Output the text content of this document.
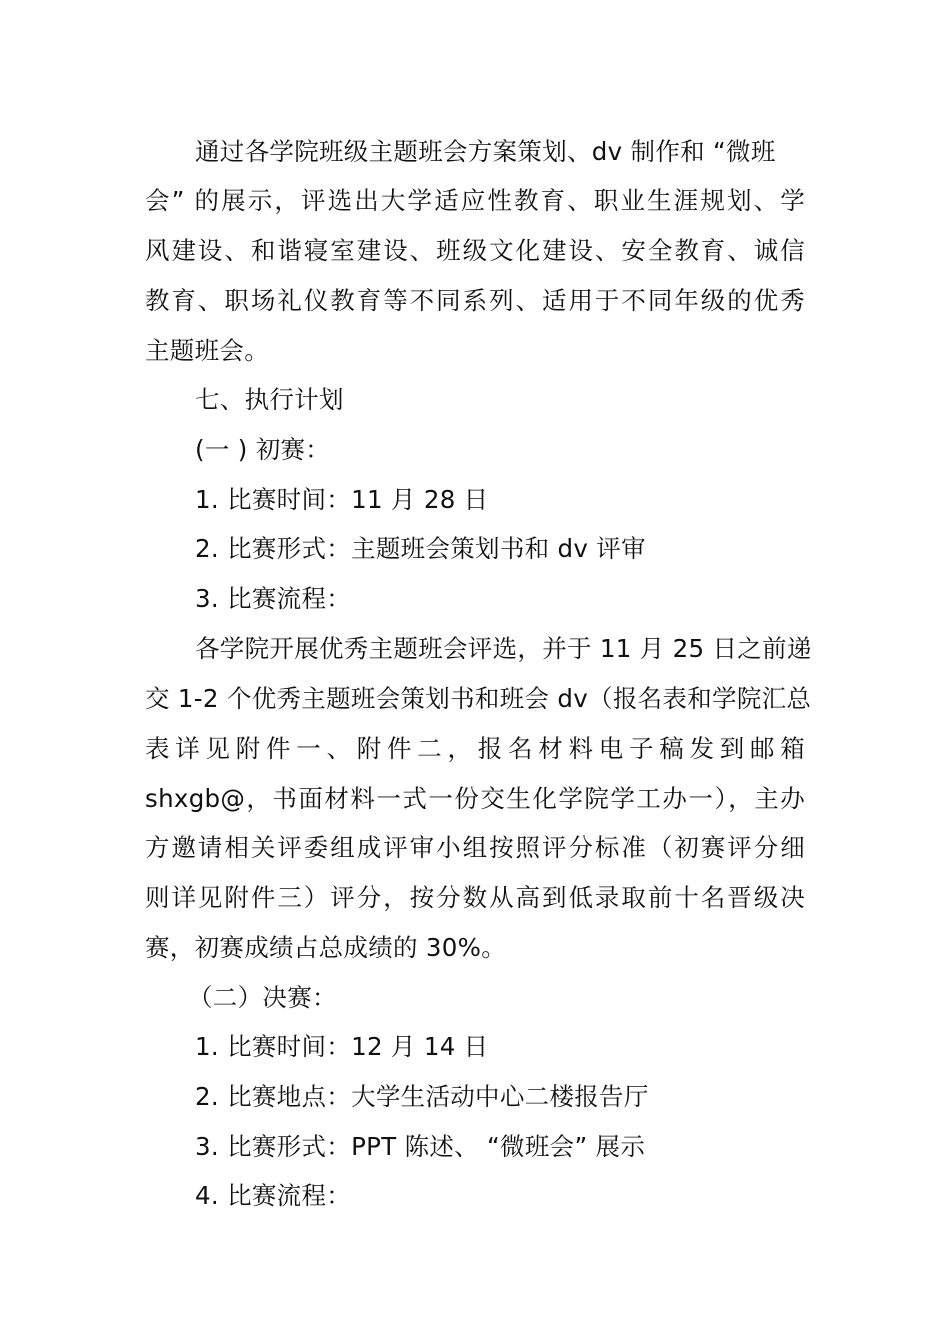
通过各学院班级主题班会方案策划、dv 制作和 “微班
会” 的展示，评选出大学适应性教育、职业生涯规划、学
风建设、和谐寝室建设、班级文化建设、安全教育、诚信
教育、职场礼仪教育等不同系列、适用于不同年级的优秀
主题班会。
七、执行计划
(一 ) 初赛：
1. 比赛时间：11 月 28 日
2. 比赛形式：主题班会策划书和 dv 评审
3. 比赛流程：
各学院开展优秀主题班会评选，并于 11 月 25 日之前递
交 1-2 个优秀主题班会策划书和班会 dv（报名表和学院汇总
表详见附件一、附件二，报名材料电子稿发到邮箱
shxgb@，书面材料一式一份交生化学院学工办一），主办
方邀请相关评委组成评审小组按照评分标准（初赛评分细
则详见附件三）评分，按分数从高到低录取前十名晋级决
赛，初赛成绩占总成绩的 30%。
（二）决赛：
1. 比赛时间：12 月 14 日
2. 比赛地点：大学生活动中心二楼报告厅
3. 比赛形式：PPT 陈述、 “微班会” 展示
4. 比赛流程：
